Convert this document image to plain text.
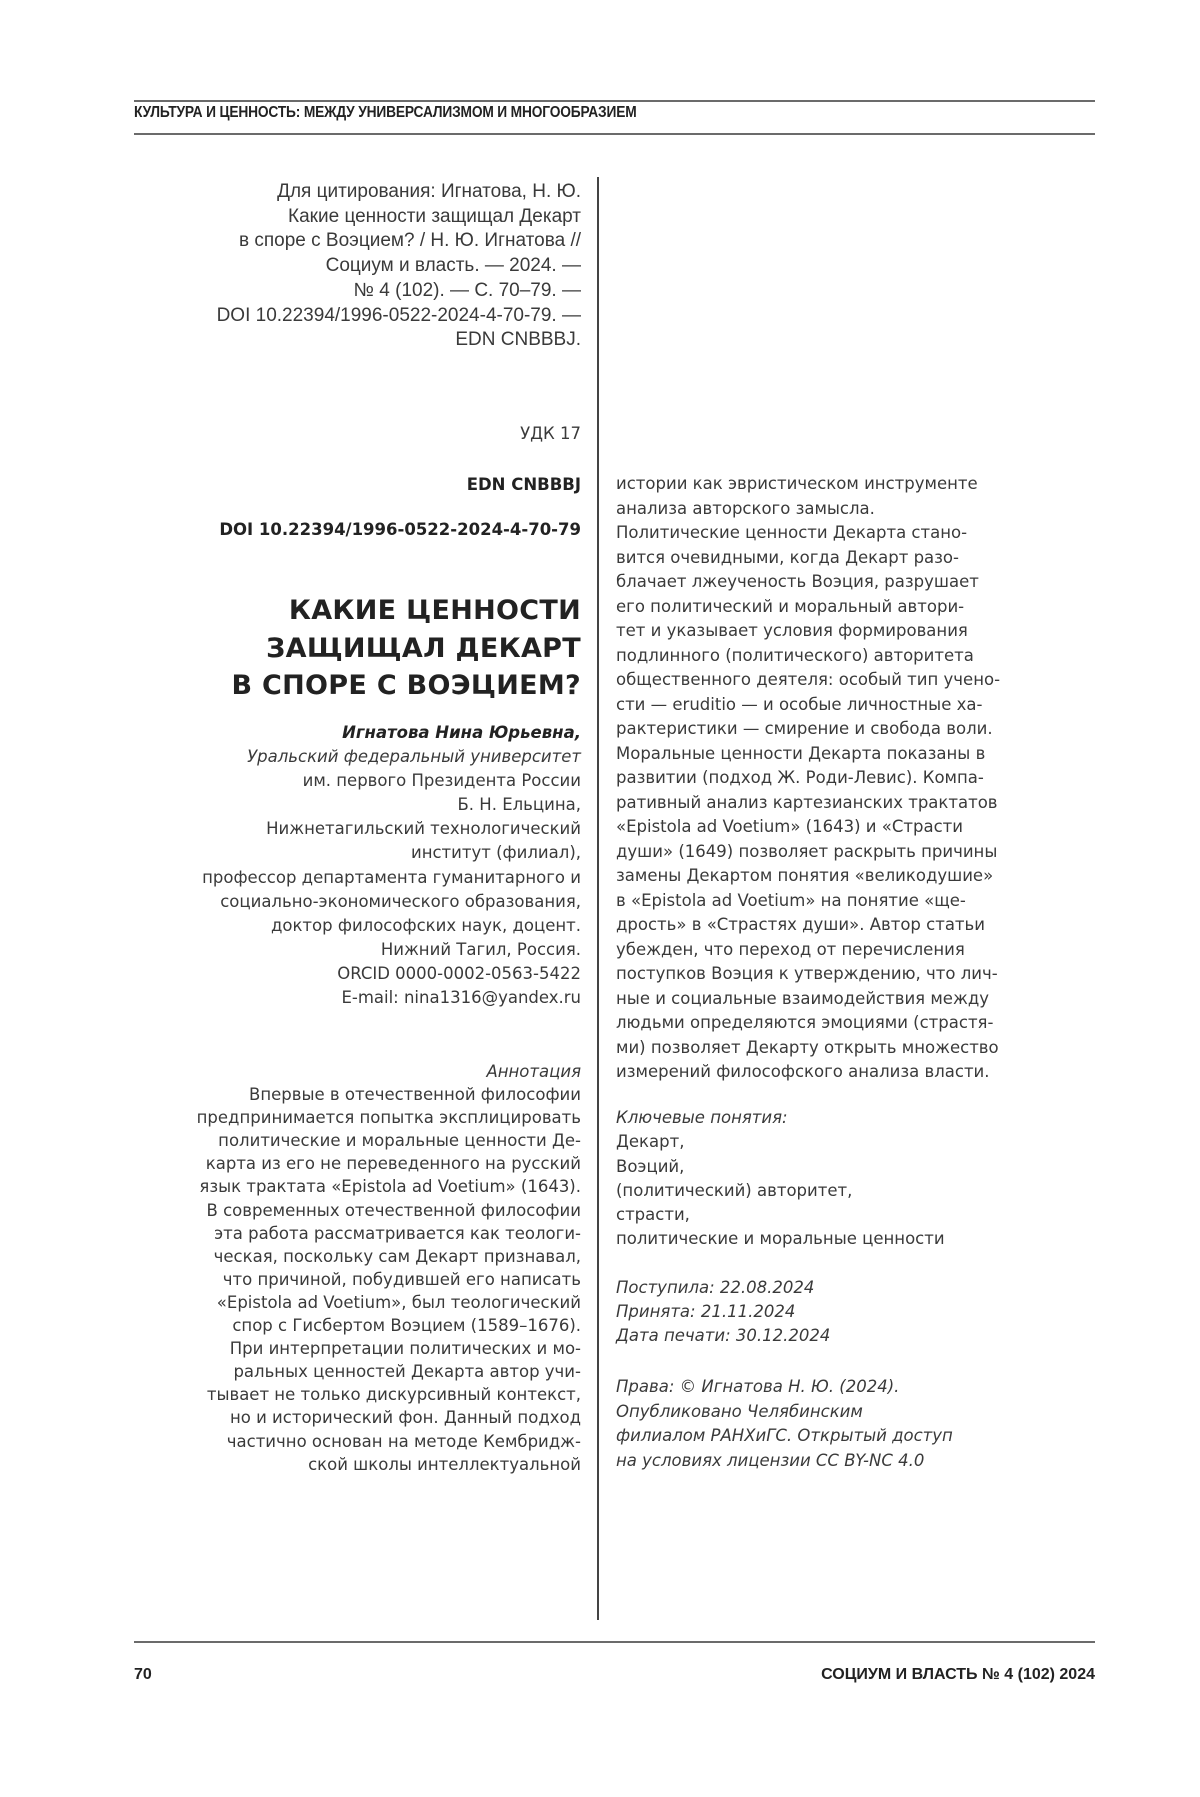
КУЛЬТУРА И ЦЕННОСТЬ: МЕЖДУ УНИВЕРСАЛИЗМОМ И МНОГООБРАЗИЕМ
Для цитирования: Игнатова, Н. Ю.
Какие ценности защищал Декарт
в споре с Воэцием? / Н. Ю. Игнатова //
Социум и власть. — 2024. —
№ 4 (102). — С. 70–79. —
DOI 10.22394/1996-0522-2024-4-70-79. —
EDN CNBBBJ.
УДК 17
EDN CNBBBJ
DOI 10.22394/1996-0522-2024-4-70-79
КАКИЕ ЦЕННОСТИ
ЗАЩИЩАЛ ДЕКАРТ
В СПОРЕ С ВОЭЦИЕМ?
Игнатова Нина Юрьевна,
Уральский федеральный университет
им. первого Президента России
Б. Н. Ельцина,
Нижнетагильский технологический
институт (филиал),
профессор департамента гуманитарного и
социально-экономического образования,
доктор философских наук, доцент.
Нижний Тагил, Россия.
ORCID 0000-0002-0563-5422
E-mail: nina1316@yandex.ru
Аннотация
Впервые в отечественной философии
предпринимается попытка эксплицировать
политические и моральные ценности Де-
карта из его не переведенного на русский
язык трактата «Epistola ad Voetium» (1643).
В современных отечественной философии
эта работа рассматривается как теологи-
ческая, поскольку сам Декарт признавал,
что причиной, побудившей его написать
«Epistola ad Voetium», был теологический
спор с Гисбертом Воэцием (1589–1676).
При интерпретации политических и мо-
ральных ценностей Декарта автор учи-
тывает не только дискурсивный контекст,
но и исторический фон. Данный подход
частично основан на методе Кембридж-
ской школы интеллектуальной
истории как эвристическом инструменте
анализа авторского замысла.
Политические ценности Декарта стано-
вится очевидными, когда Декарт разо-
блачает лжеученость Воэция, разрушает
его политический и моральный автори-
тет и указывает условия формирования
подлинного (политического) авторитета
общественного деятеля: особый тип учено-
сти — eruditio — и особые личностные ха-
рактеристики — смирение и свобода воли.
Моральные ценности Декарта показаны в
развитии (подход Ж. Роди-Левис). Компа-
ративный анализ картезианских трактатов
«Epistola ad Voetium» (1643) и «Страсти
души» (1649) позволяет раскрыть причины
замены Декартом понятия «великодушие»
в «Epistola ad Voetium» на понятие «ще-
дрость» в «Страстях души». Автор статьи
убежден, что переход от перечисления
поступков Воэция к утверждению, что лич-
ные и социальные взаимодействия между
людьми определяются эмоциями (страстя-
ми) позволяет Декарту открыть множество
измерений философского анализа власти.
Ключевые понятия:
Декарт,
Воэций,
(политический) авторитет,
страсти,
политические и моральные ценности
Поступила: 22.08.2024
Принята: 21.11.2024
Дата печати: 30.12.2024
Права: © Игнатова Н. Ю. (2024).
Опубликовано Челябинским
филиалом РАНХиГС. Открытый доступ
на условиях лицензии CC BY-NC 4.0
70	СОЦИУМ И ВЛАСТЬ № 4 (102) 2024
